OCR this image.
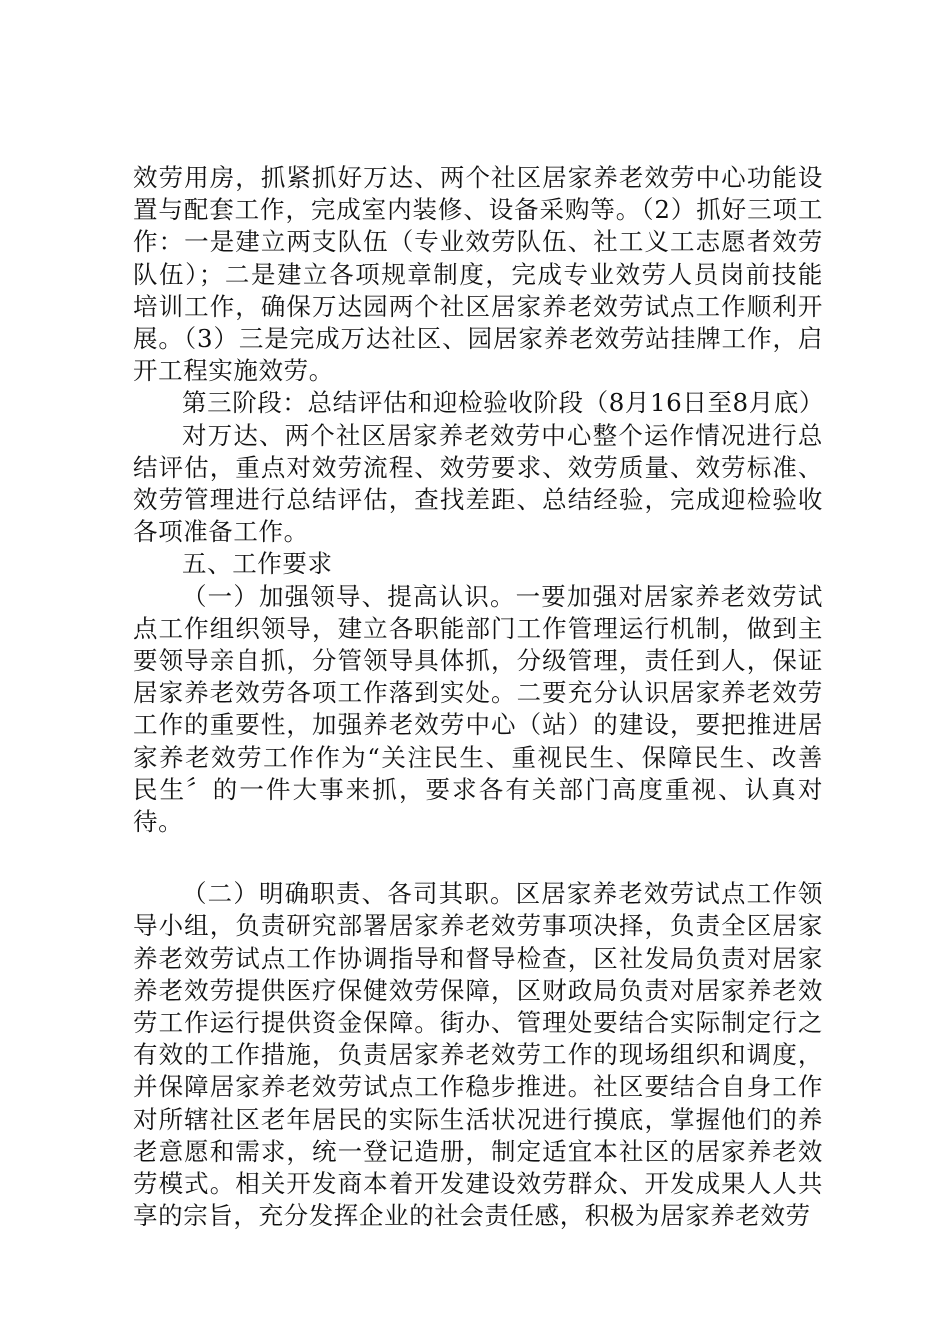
效劳用房，抓紧抓好万达、两个社区居家养老效劳中心功能设置与配套工作，完成室内装修、设备采购等。（2）抓好三项工作：一是建立两支队伍（专业效劳队伍、社工义工志愿者效劳队伍）；二是建立各项规章制度，完成专业效劳人员岗前技能培训工作，确保万达园两个社区居家养老效劳试点工作顺利开展。（3）三是完成万达社区、园居家养老效劳站挂牌工作，启开工程实施效劳。

第三阶段：总结评估和迎检验收阶段（8月16日至8月底）

对万达、两个社区居家养老效劳中心整个运作情况进行总结评估，重点对效劳流程、效劳要求、效劳质量、效劳标准、效劳管理进行总结评估，查找差距、总结经验，完成迎检验收各项准备工作。

五、工作要求

（一）加强领导、提高认识。一要加强对居家养老效劳试点工作组织领导，建立各职能部门工作管理运行机制，做到主要领导亲自抓，分管领导具体抓，分级管理，责任到人，保证居家养老效劳各项工作落到实处。二要充分认识居家养老效劳工作的重要性，加强养老效劳中心（站）的建设，要把推进居家养老效劳工作作为“关注民生、重视民生、保障民生、改善民生〞的一件大事来抓，要求各有关部门高度重视、认真对待。

（二）明确职责、各司其职。区居家养老效劳试点工作领导小组，负责研究部署居家养老效劳事项决择，负责全区居家养老效劳试点工作协调指导和督导检查，区社发局负责对居家养老效劳提供医疗保健效劳保障，区财政局负责对居家养老效劳工作运行提供资金保障。街办、管理处要结合实际制定行之有效的工作措施，负责居家养老效劳工作的现场组织和调度，并保障居家养老效劳试点工作稳步推进。社区要结合自身工作对所辖社区老年居民的实际生活状况进行摸底，掌握他们的养老意愿和需求，统一登记造册，制定适宜本社区的居家养老效劳模式。相关开发商本着开发建设效劳群众、开发成果人人共享的宗旨，充分发挥企业的社会责任感，积极为居家养老效劳
